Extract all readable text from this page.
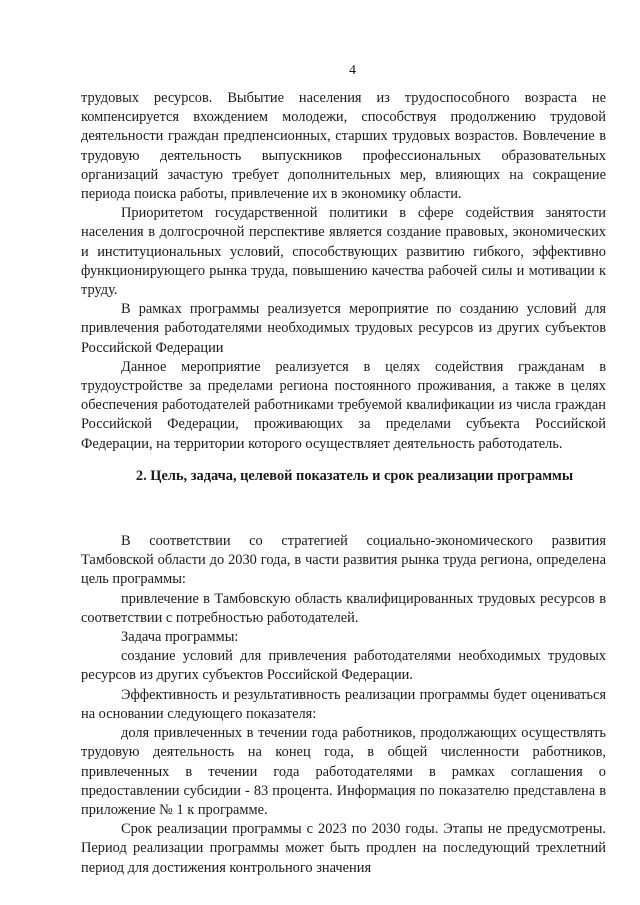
4

трудовых ресурсов. Выбытие населения из трудоспособного возраста не компенсируется вхождением молодежи, способствуя продолжению трудовой деятельности граждан предпенсионных, старших трудовых возрастов. Вовлечение в трудовую деятельность выпускников профессиональных образовательных организаций зачастую требует дополнительных мер, влияющих на сокращение периода поиска работы, привлечение их в экономику области.

Приоритетом государственной политики в сфере содействия занятости населения в долгосрочной перспективе является создание правовых, экономических и институциональных условий, способствующих развитию гибкого, эффективно функционирующего рынка труда, повышению качества рабочей силы и мотивации к труду.

В рамках программы реализуется мероприятие по созданию условий для привлечения работодателями необходимых трудовых ресурсов из других субъектов Российской Федерации

Данное мероприятие реализуется в целях содействия гражданам в трудоустройстве за пределами региона постоянного проживания, а также в целях обеспечения работодателей работниками требуемой квалификации из числа граждан Российской Федерации, проживающих за пределами субъекта Российской Федерации, на территории которого осуществляет деятельность работодатель.

2. Цель, задача, целевой показатель и срок реализации программы

В соответствии со стратегией социально-экономического развития Тамбовской области до 2030 года, в части развития рынка труда региона, определена цель программы:

привлечение в Тамбовскую область квалифицированных трудовых ресурсов в соответствии с потребностью работодателей.

Задача программы:

создание условий для привлечения работодателями необходимых трудовых ресурсов из других субъектов Российской Федерации.

Эффективность и результативность реализации программы будет оцениваться на основании следующего показателя:

доля привлеченных в течении года работников, продолжающих осуществлять трудовую деятельность на конец года, в общей численности работников, привлеченных в течении года работодателями в рамках соглашения о предоставлении субсидии - 83 процента. Информация по показателю представлена в приложение № 1 к программе.

Срок реализации программы с 2023 по 2030 годы. Этапы не предусмотрены. Период реализации программы может быть продлен на последующий трехлетний период для достижения контрольного значения
